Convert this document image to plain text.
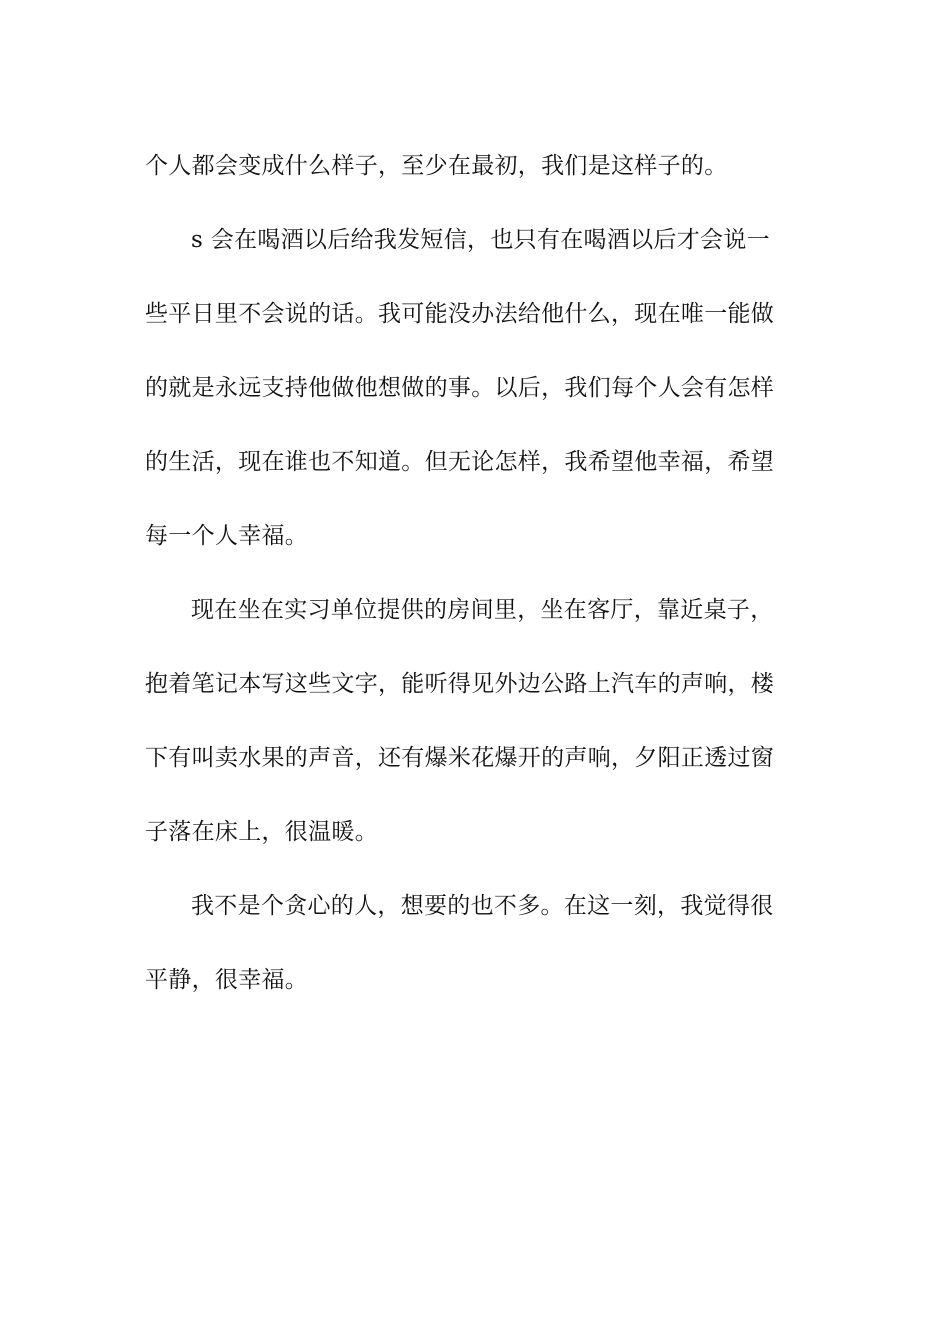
个人都会变成什么样子，至少在最初，我们是这样子的。

s 会在喝酒以后给我发短信，也只有在喝酒以后才会说一
些平日里不会说的话。我可能没办法给他什么，现在唯一能做
的就是永远支持他做他想做的事。以后，我们每个人会有怎样
的生活，现在谁也不知道。但无论怎样，我希望他幸福，希望
每一个人幸福。

现在坐在实习单位提供的房间里，坐在客厅，靠近桌子，
抱着笔记本写这些文字，能听得见外边公路上汽车的声响，楼
下有叫卖水果的声音，还有爆米花爆开的声响，夕阳正透过窗
子落在床上，很温暖。

我不是个贪心的人，想要的也不多。在这一刻，我觉得很
平静，很幸福。
